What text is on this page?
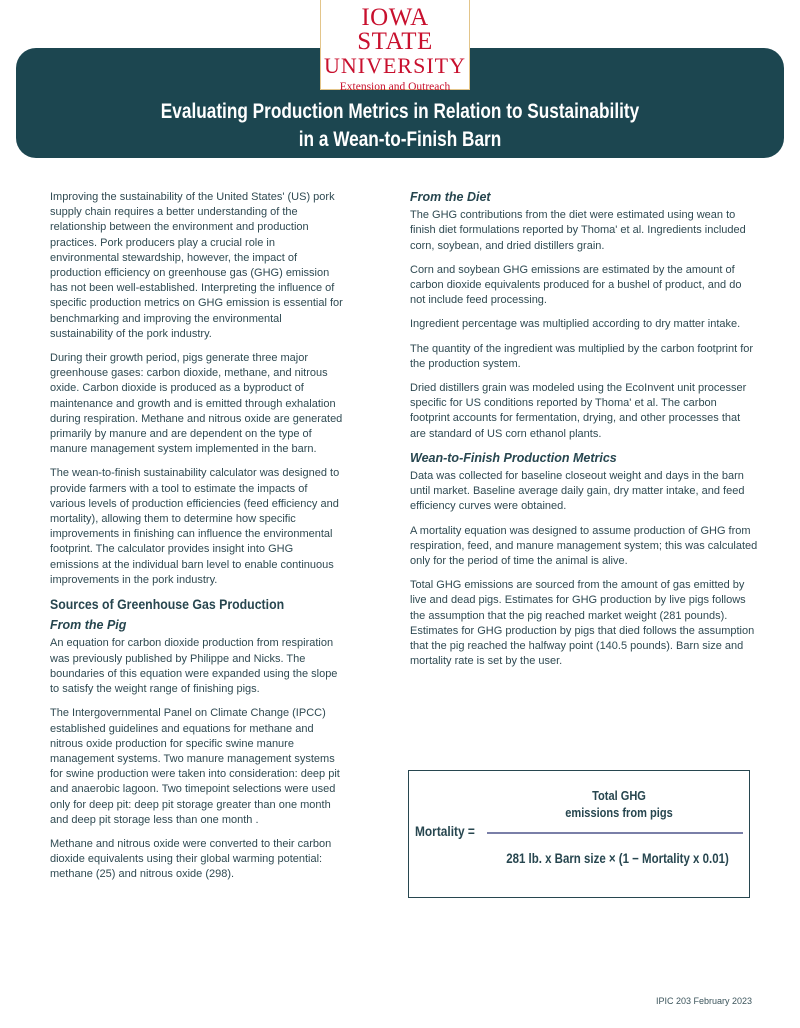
IOWA STATE
UNIVERSITY
Extension and Outreach
Evaluating Production Metrics in Relation to Sustainability
in a Wean-to-Finish Barn

Improving the sustainability of the United States' (US) pork supply chain requires a better understanding of the relationship between the environment and production practices. Pork producers play a crucial role in environmental stewardship, however, the impact of production efficiency on greenhouse gas (GHG) emission has not been well-established. Interpreting the influence of specific production metrics on GHG emission is essential for benchmarking and improving the environmental sustainability of the pork industry.

During their growth period, pigs generate three major greenhouse gases: carbon dioxide, methane, and nitrous oxide. Carbon dioxide is produced as a byproduct of maintenance and growth and is emitted through exhalation during respiration. Methane and nitrous oxide are generated primarily by manure and are dependent on the type of manure management system implemented in the barn.

The wean-to-finish sustainability calculator was designed to provide farmers with a tool to estimate the impacts of various levels of production efficiencies (feed efficiency and mortality), allowing them to determine how specific improvements in finishing can influence the environmental footprint. The calculator provides insight into GHG emissions at the individual barn level to enable continuous improvements in the pork industry.

Sources of Greenhouse Gas Production
From the Pig

An equation for carbon dioxide production from respiration was previously published by Philippe and Nicks. The boundaries of this equation were expanded using the slope to satisfy the weight range of finishing pigs.

The Intergovernmental Panel on Climate Change (IPCC) established guidelines and equations for methane and nitrous oxide production for specific swine manure management systems. Two manure management systems for swine production were taken into consideration: deep pit and anaerobic lagoon. Two timepoint selections were used only for deep pit: deep pit storage greater than one month and deep pit storage less than one month .

Methane and nitrous oxide were converted to their carbon dioxide equivalents using their global warming potential: methane (25) and nitrous oxide (298).

From the Diet

The GHG contributions from the diet were estimated using wean to finish diet formulations reported by Thoma' et al. Ingredients included corn, soybean, and dried distillers grain.

Corn and soybean GHG emissions are estimated by the amount of carbon dioxide equivalents produced for a bushel of product, and do not include feed processing.

Ingredient percentage was multiplied according to dry matter intake.

The quantity of the ingredient was multiplied by the carbon footprint for the production system.

Dried distillers grain was modeled using the EcoInvent unit processer specific for US conditions reported by Thoma' et al. The carbon footprint accounts for fermentation, drying, and other processes that are standard of US corn ethanol plants.

Wean-to-Finish Production Metrics

Data was collected for baseline closeout weight and days in the barn until market. Baseline average daily gain, dry matter intake, and feed efficiency curves were obtained.

A mortality equation was designed to assume production of GHG from respiration, feed, and manure management system; this was calculated only for the period of time the animal is alive.

Total GHG emissions are sourced from the amount of gas emitted by live and dead pigs. Estimates for GHG production by live pigs follows the assumption that the pig reached market weight (281 pounds). Estimates for GHG production by pigs that died follows the assumption that the pig reached the halfway point (140.5 pounds). Barn size and mortality rate is set by the user.

Total GHG
emissions from pigs
Mortality =
281 lb. x Barn size × (1 − Mortality x 0.01)
IPIC 203 February 2023
